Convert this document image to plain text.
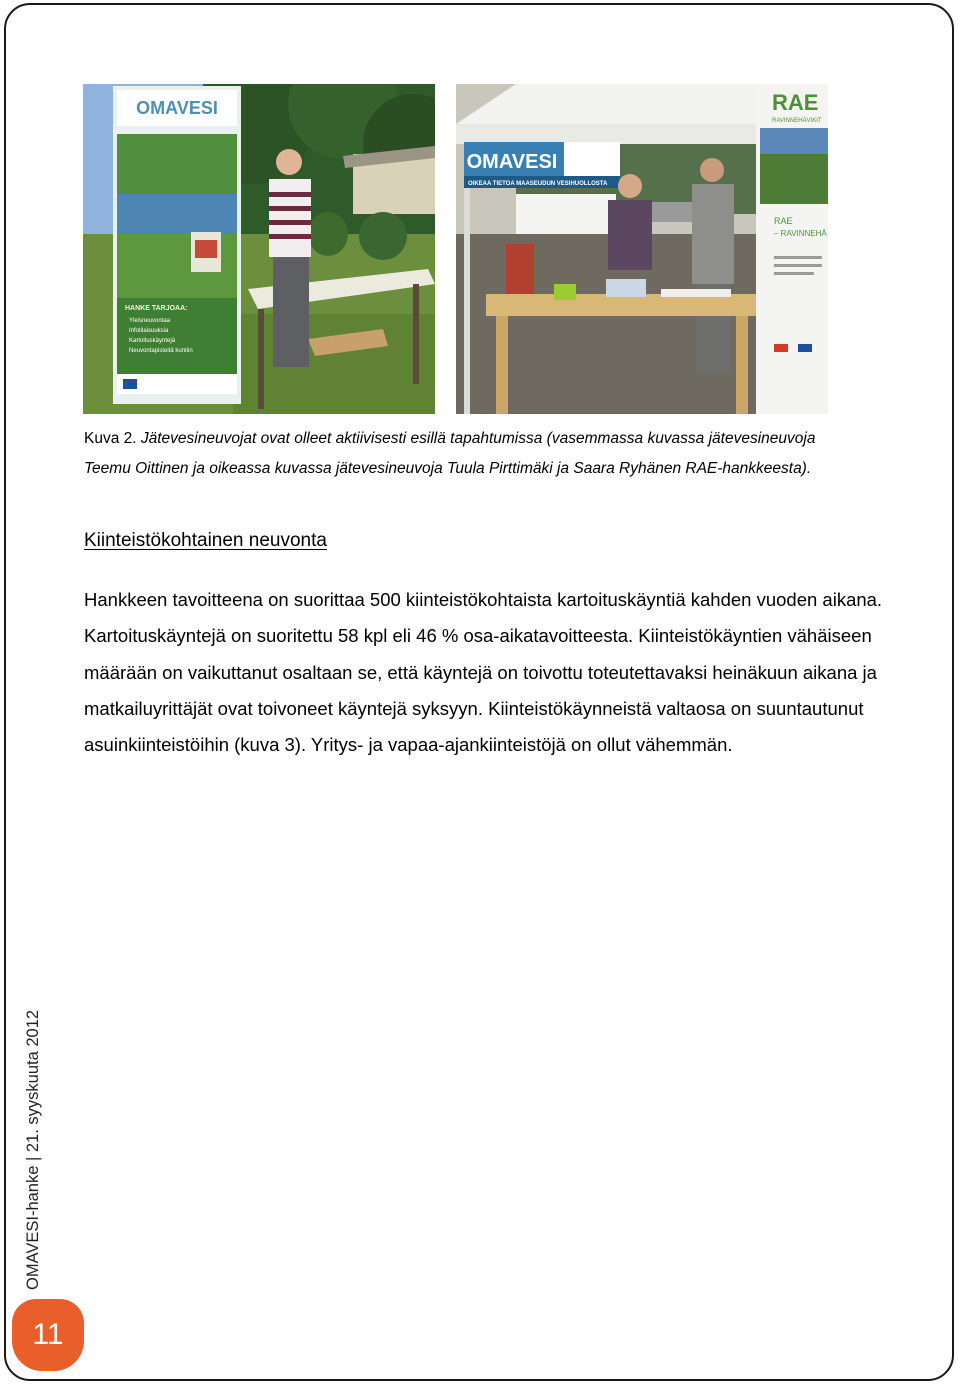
OMAVESI
HANKE TARJOAA:
Yleisneuvontaa
Infotilaisuuksia
Kartoituskäyntejä
Neuvontapisteitä kuntiin
OMAVESI
OIKEAA TIETOA MAASEUDUN VESIHUOLLOSTA
RAE
RAVINNEHÄVIKIT
RAE
– RAVINNEHÄ

Kuva 2. Jätevesineuvojat ovat olleet aktiivisesti esillä tapahtumissa (vasemmassa kuvassa jätevesineuvoja Teemu Oittinen ja oikeassa kuvassa jätevesineuvoja Tuula Pirttimäki ja Saara Ryhänen RAE-hankkeesta).

Kiinteistökohtainen neuvonta

Hankkeen tavoitteena on suorittaa 500 kiinteistökohtaista kartoituskäyntiä kahden vuoden aikana. Kartoituskäyntejä on suoritettu 58 kpl eli 46 % osa-aikatavoitteesta. Kiinteistökäyntien vähäiseen määrään on vaikuttanut osaltaan se, että käyntejä on toivottu toteutettavaksi heinäkuun aikana ja matkailuyrittäjät ovat toivoneet käyntejä syksyyn. Kiinteistökäynneistä valtaosa on suuntautunut asuinkiinteistöihin (kuva 3). Yritys- ja vapaa-ajankiinteistöjä on ollut vähemmän.

OMAVESI-hanke | 21. syyskuuta 2012
11
